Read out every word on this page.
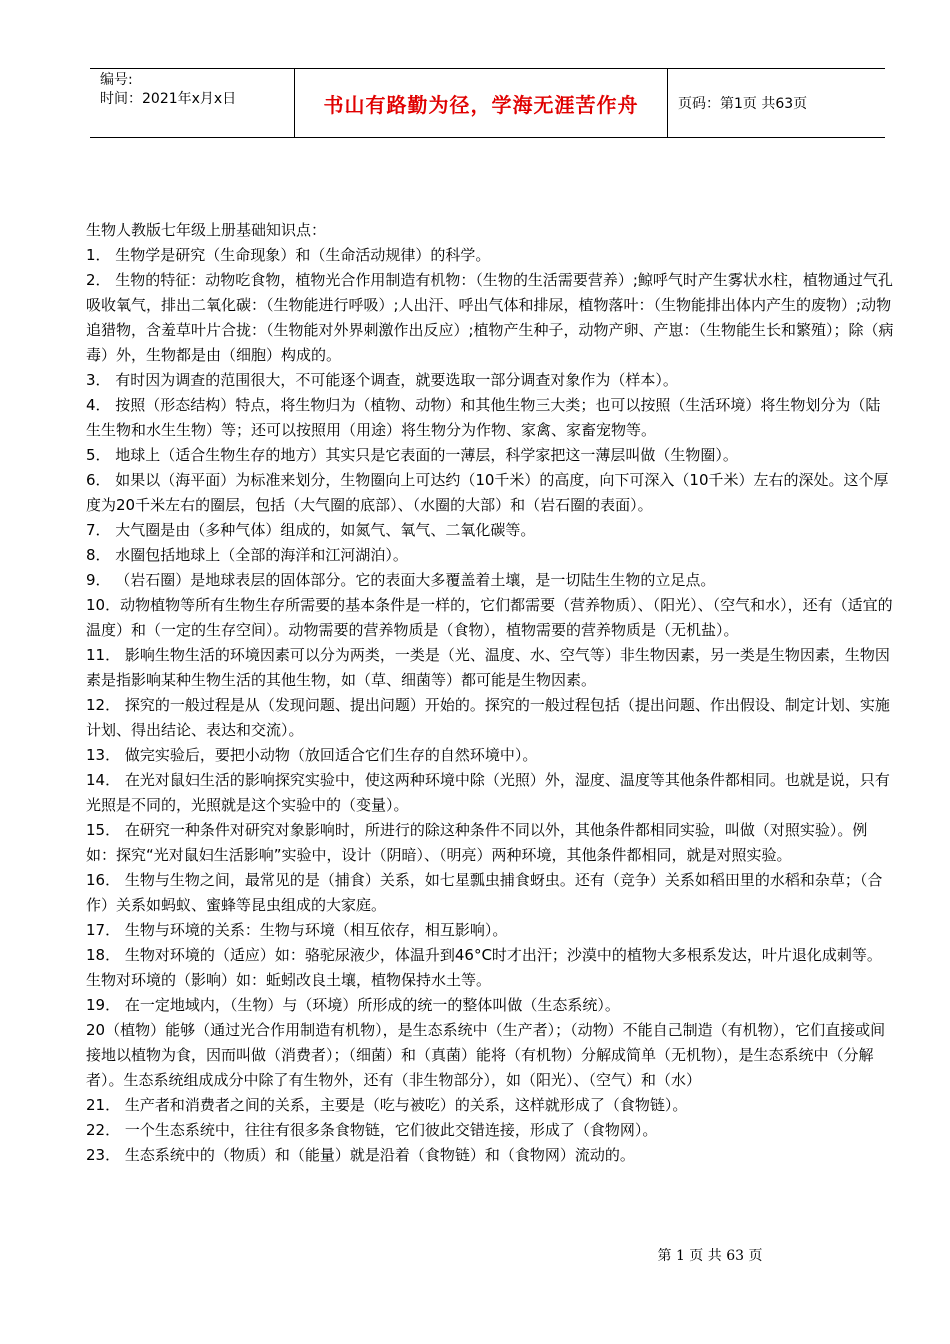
编号:
时间：2021年x月x日	书山有路勤为径，学海无涯苦作舟	页码：第1页 共63页

生物人教版七年级上册基础知识点：

1． 生物学是研究（生命现象）和（生命活动规律）的科学。

2． 生物的特征：动物吃食物，植物光合作用制造有机物：（生物的生活需要营养）;鲸呼气时产生雾状水柱，植物通过气孔吸收氧气，排出二氧化碳：（生物能进行呼吸）;人出汗、呼出气体和排尿，植物落叶：（生物能排出体内产生的废物）;动物追猎物，含羞草叶片合拢：（生物能对外界刺激作出反应）;植物产生种子，动物产卵、产崽：（生物能生长和繁殖）；除（病毒）外，生物都是由（细胞）构成的。

3． 有时因为调查的范围很大，不可能逐个调查，就要选取一部分调查对象作为（样本）。

4． 按照（形态结构）特点，将生物归为（植物、动物）和其他生物三大类；也可以按照（生活环境）将生物划分为（陆生生物和水生生物）等；还可以按照用（用途）将生物分为作物、家禽、家畜宠物等。

5． 地球上（适合生物生存的地方）其实只是它表面的一薄层，科学家把这一薄层叫做（生物圈）。

6． 如果以（海平面）为标准来划分，生物圈向上可达约（10千米）的高度，向下可深入（10千米）左右的深处。这个厚度为20千米左右的圈层，包括（大气圈的底部）、（水圈的大部）和（岩石圈的表面）。

7． 大气圈是由（多种气体）组成的，如氮气、氧气、二氧化碳等。

8． 水圈包括地球上（全部的海洋和江河湖泊）。

9． （岩石圈）是地球表层的固体部分。它的表面大多覆盖着土壤，是一切陆生生物的立足点。

10．动物植物等所有生物生存所需要的基本条件是一样的，它们都需要（营养物质）、（阳光）、（空气和水），还有（适宜的温度）和（一定的生存空间）。动物需要的营养物质是（食物），植物需要的营养物质是（无机盐）。

11． 影响生物生活的环境因素可以分为两类，一类是（光、温度、水、空气等）非生物因素，另一类是生物因素，生物因素是指影响某种生物生活的其他生物，如（草、细菌等）都可能是生物因素。

12． 探究的一般过程是从（发现问题、提出问题）开始的。探究的一般过程包括（提出问题、作出假设、制定计划、实施计划、得出结论、表达和交流）。

13． 做完实验后，要把小动物（放回适合它们生存的自然环境中）。

14． 在光对鼠妇生活的影响探究实验中，使这两种环境中除（光照）外，湿度、温度等其他条件都相同。也就是说，只有光照是不同的，光照就是这个实验中的（变量）。

15． 在研究一种条件对研究对象影响时，所进行的除这种条件不同以外，其他条件都相同实验，叫做（对照实验）。例如：探究“光对鼠妇生活影响”实验中，设计（阴暗）、（明亮）两种环境，其他条件都相同，就是对照实验。

16． 生物与生物之间，最常见的是（捕食）关系，如七星瓢虫捕食蚜虫。还有（竞争）关系如稻田里的水稻和杂草；（合作）关系如蚂蚁、蜜蜂等昆虫组成的大家庭。

17． 生物与环境的关系：生物与环境（相互依存，相互影响）。

18． 生物对环境的（适应）如：骆驼尿液少，体温升到46°C时才出汗；沙漠中的植物大多根系发达，叶片退化成刺等。生物对环境的（影响）如：蚯蚓改良土壤，植物保持水土等。

19． 在一定地域内，（生物）与（环境）所形成的统一的整体叫做（生态系统）。

20（植物）能够（通过光合作用制造有机物），是生态系统中（生产者）；（动物）不能自己制造（有机物），它们直接或间接地以植物为食，因而叫做（消费者）；（细菌）和（真菌）能将（有机物）分解成简单（无机物），是生态系统中（分解者）。生态系统组成成分中除了有生物外，还有（非生物部分），如（阳光）、（空气）和（水）

21． 生产者和消费者之间的关系，主要是（吃与被吃）的关系，这样就形成了（食物链）。

22． 一个生态系统中，往往有很多条食物链，它们彼此交错连接，形成了（食物网）。

23． 生态系统中的（物质）和（能量）就是沿着（食物链）和（食物网）流动的。

第 1 页 共 63 页
